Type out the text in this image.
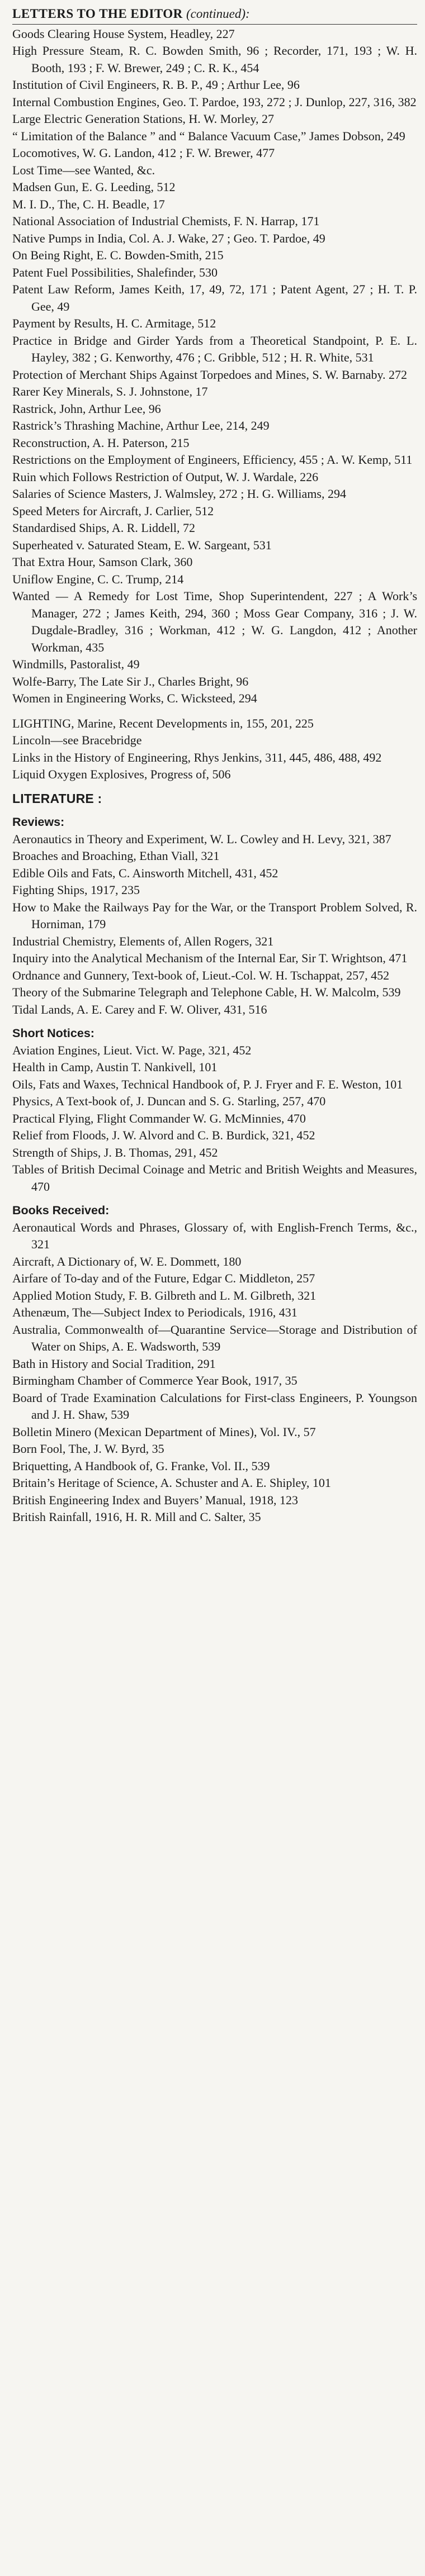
LETTERS TO THE EDITOR (continued):
Goods Clearing House System, Headley, 227
High Pressure Steam, R. C. Bowden Smith, 96 ; Recorder, 171, 193 ; W. H. Booth, 193 ; F. W. Brewer, 249 ; C. R. K., 454
Institution of Civil Engineers, R. B. P., 49 ; Arthur Lee, 96
Internal Combustion Engines, Geo. T. Pardoe, 193, 272 ; J. Dunlop, 227, 316, 382
Large Electric Generation Stations, H. W. Morley, 27
“ Limitation of the Balance ” and “ Balance Vacuum Case,” James Dobson, 249
Locomotives, W. G. Landon, 412 ; F. W. Brewer, 477
Lost Time—see Wanted, &c.
Madsen Gun, E. G. Leeding, 512
M. I. D., The, C. H. Beadle, 17
National Association of Industrial Chemists, F. N. Harrap, 171
Native Pumps in India, Col. A. J. Wake, 27 ; Geo. T. Pardoe, 49
On Being Right, E. C. Bowden-Smith, 215
Patent Fuel Possibilities, Shalefinder, 530
Patent Law Reform, James Keith, 17, 49, 72, 171 ; Patent Agent, 27 ; H. T. P. Gee, 49
Payment by Results, H. C. Armitage, 512
Practice in Bridge and Girder Yards from a Theoretical Standpoint, P. E. L. Hayley, 382 ; G. Kenworthy, 476 ; C. Gribble, 512 ; H. R. White, 531
Protection of Merchant Ships Against Torpedoes and Mines, S. W. Barnaby. 272
Rarer Key Minerals, S. J. Johnstone, 17
Rastrick, John, Arthur Lee, 96
Rastrick’s Thrashing Machine, Arthur Lee, 214, 249
Reconstruction, A. H. Paterson, 215
Restrictions on the Employment of Engineers, Efficiency, 455 ; A. W. Kemp, 511
Ruin which Follows Restriction of Output, W. J. Wardale, 226
Salaries of Science Masters, J. Walmsley, 272 ; H. G. Williams, 294
Speed Meters for Aircraft, J. Carlier, 512
Standardised Ships, A. R. Liddell, 72
Superheated v. Saturated Steam, E. W. Sargeant, 531
That Extra Hour, Samson Clark, 360
Uniflow Engine, C. C. Trump, 214
Wanted — A Remedy for Lost Time, Shop Superintendent, 227 ; A Work’s Manager, 272 ; James Keith, 294, 360 ; Moss Gear Company, 316 ; J. W. Dugdale-Bradley, 316 ; Workman, 412 ; W. G. Langdon, 412 ; Another Workman, 435
Windmills, Pastoralist, 49
Wolfe-Barry, The Late Sir J., Charles Bright, 96
Women in Engineering Works, C. Wicksteed, 294
LIGHTING, Marine, Recent Developments in, 155, 201, 225
Lincoln—see Bracebridge
Links in the History of Engineering, Rhys Jenkins, 311, 445, 486, 488, 492
Liquid Oxygen Explosives, Progress of, 506
LITERATURE :
Reviews:
Aeronautics in Theory and Experiment, W. L. Cowley and H. Levy, 321, 387
Broaches and Broaching, Ethan Viall, 321
Edible Oils and Fats, C. Ainsworth Mitchell, 431, 452
Fighting Ships, 1917, 235
How to Make the Railways Pay for the War, or the Transport Problem Solved, R. Horniman, 179
Industrial Chemistry, Elements of, Allen Rogers, 321
Inquiry into the Analytical Mechanism of the Internal Ear, Sir T. Wrightson, 471
Ordnance and Gunnery, Text-book of, Lieut.-Col. W. H. Tschappat, 257, 452
Theory of the Submarine Telegraph and Telephone Cable, H. W. Malcolm, 539
Tidal Lands, A. E. Carey and F. W. Oliver, 431, 516
Short Notices:
Aviation Engines, Lieut. Vict. W. Page, 321, 452
Health in Camp, Austin T. Nankivell, 101
Oils, Fats and Waxes, Technical Handbook of, P. J. Fryer and F. E. Weston, 101
Physics, A Text-book of, J. Duncan and S. G. Starling, 257, 470
Practical Flying, Flight Commander W. G. McMinnies, 470
Relief from Floods, J. W. Alvord and C. B. Burdick, 321, 452
Strength of Ships, J. B. Thomas, 291, 452
Tables of British Decimal Coinage and Metric and British Weights and Measures, 470
Books Received:
Aeronautical Words and Phrases, Glossary of, with English-French Terms, &c., 321
Aircraft, A Dictionary of, W. E. Dommett, 180
Airfare of To-day and of the Future, Edgar C. Middleton, 257
Applied Motion Study, F. B. Gilbreth and L. M. Gilbreth, 321
Athenæum, The—Subject Index to Periodicals, 1916, 431
Australia, Commonwealth of—Quarantine Service—Storage and Distribution of Water on Ships, A. E. Wadsworth, 539
Bath in History and Social Tradition, 291
Birmingham Chamber of Commerce Year Book, 1917, 35
Board of Trade Examination Calculations for First-class Engineers, P. Youngson and J. H. Shaw, 539
Bolletin Minero (Mexican Department of Mines), Vol. IV., 57
Born Fool, The, J. W. Byrd, 35
Briquetting, A Handbook of, G. Franke, Vol. II., 539
Britain’s Heritage of Science, A. Schuster and A. E. Shipley, 101
British Engineering Index and Buyers’ Manual, 1918, 123
British Rainfall, 1916, H. R. Mill and C. Salter, 35
